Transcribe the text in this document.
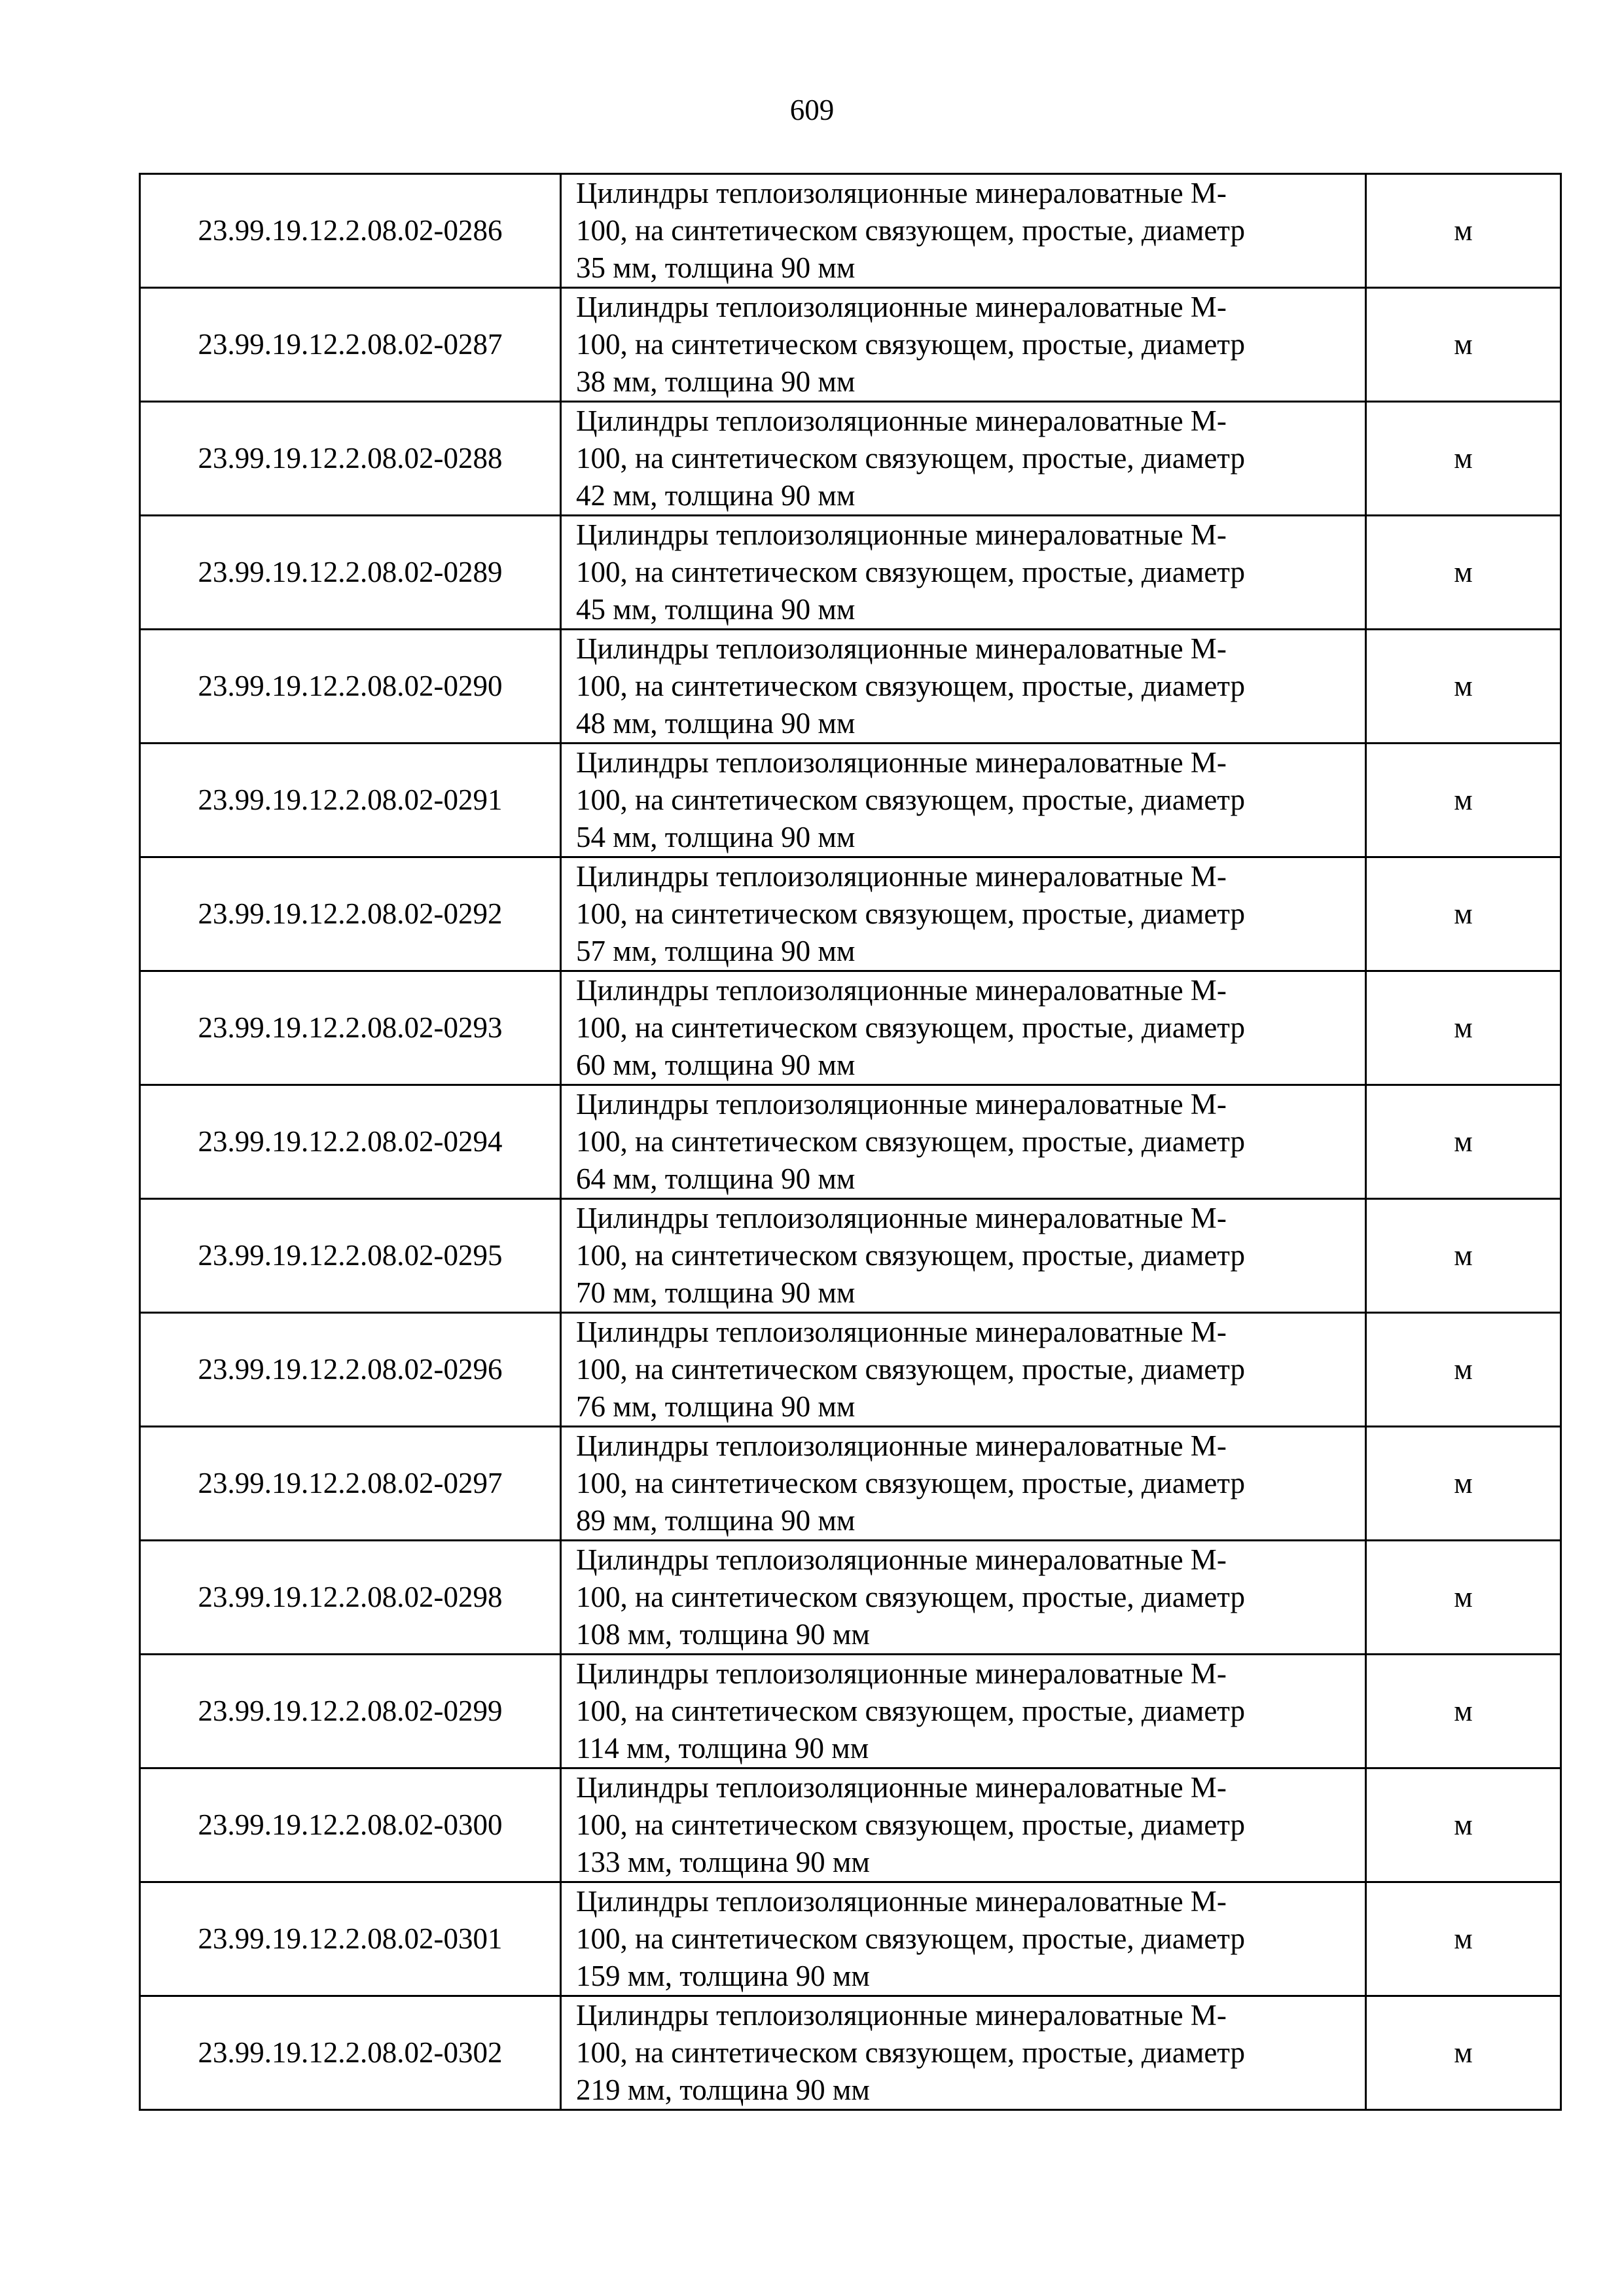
609
23.99.19.12.2.08.02-0286	Цилиндры теплоизоляционные минераловатные М-
100, на синтетическом связующем, простые, диаметр
35 мм, толщина 90 мм	м
23.99.19.12.2.08.02-0287	Цилиндры теплоизоляционные минераловатные М-
100, на синтетическом связующем, простые, диаметр
38 мм, толщина 90 мм	м
23.99.19.12.2.08.02-0288	Цилиндры теплоизоляционные минераловатные М-
100, на синтетическом связующем, простые, диаметр
42 мм, толщина 90 мм	м
23.99.19.12.2.08.02-0289	Цилиндры теплоизоляционные минераловатные М-
100, на синтетическом связующем, простые, диаметр
45 мм, толщина 90 мм	м
23.99.19.12.2.08.02-0290	Цилиндры теплоизоляционные минераловатные М-
100, на синтетическом связующем, простые, диаметр
48 мм, толщина 90 мм	м
23.99.19.12.2.08.02-0291	Цилиндры теплоизоляционные минераловатные М-
100, на синтетическом связующем, простые, диаметр
54 мм, толщина 90 мм	м
23.99.19.12.2.08.02-0292	Цилиндры теплоизоляционные минераловатные М-
100, на синтетическом связующем, простые, диаметр
57 мм, толщина 90 мм	м
23.99.19.12.2.08.02-0293	Цилиндры теплоизоляционные минераловатные М-
100, на синтетическом связующем, простые, диаметр
60 мм, толщина 90 мм	м
23.99.19.12.2.08.02-0294	Цилиндры теплоизоляционные минераловатные М-
100, на синтетическом связующем, простые, диаметр
64 мм, толщина 90 мм	м
23.99.19.12.2.08.02-0295	Цилиндры теплоизоляционные минераловатные М-
100, на синтетическом связующем, простые, диаметр
70 мм, толщина 90 мм	м
23.99.19.12.2.08.02-0296	Цилиндры теплоизоляционные минераловатные М-
100, на синтетическом связующем, простые, диаметр
76 мм, толщина 90 мм	м
23.99.19.12.2.08.02-0297	Цилиндры теплоизоляционные минераловатные М-
100, на синтетическом связующем, простые, диаметр
89 мм, толщина 90 мм	м
23.99.19.12.2.08.02-0298	Цилиндры теплоизоляционные минераловатные М-
100, на синтетическом связующем, простые, диаметр
108 мм, толщина 90 мм	м
23.99.19.12.2.08.02-0299	Цилиндры теплоизоляционные минераловатные М-
100, на синтетическом связующем, простые, диаметр
114 мм, толщина 90 мм	м
23.99.19.12.2.08.02-0300	Цилиндры теплоизоляционные минераловатные М-
100, на синтетическом связующем, простые, диаметр
133 мм, толщина 90 мм	м
23.99.19.12.2.08.02-0301	Цилиндры теплоизоляционные минераловатные М-
100, на синтетическом связующем, простые, диаметр
159 мм, толщина 90 мм	м
23.99.19.12.2.08.02-0302	Цилиндры теплоизоляционные минераловатные М-
100, на синтетическом связующем, простые, диаметр
219 мм, толщина 90 мм	м
